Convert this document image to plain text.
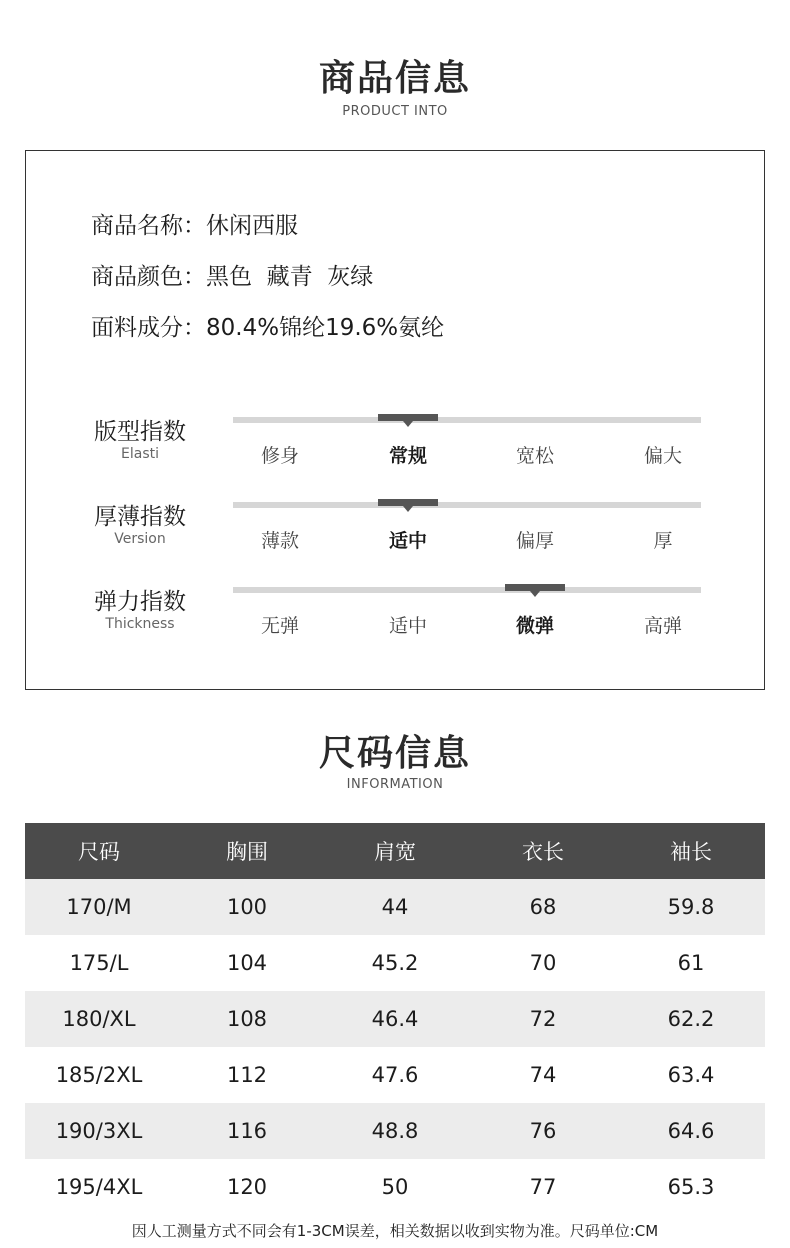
商品信息
PRODUCT INTO
商品名称：休闲西服
商品颜色：黑色  藏青  灰绿
面料成分：80.4%锦纶19.6%氨纶
版型指数
Elasti	修身	常规	宽松	偏大
厚薄指数
Version	薄款	适中	偏厚	厚
弹力指数
Thickness	无弹	适中	微弹	高弹
尺码信息
INFORMATION
尺码	胸围	肩宽	衣长	袖长
170/M	100	44	68	59.8
175/L	104	45.2	70	61
180/XL	108	46.4	72	62.2
185/2XL	112	47.6	74	63.4
190/3XL	116	48.8	76	64.6
195/4XL	120	50	77	65.3
因人工测量方式不同会有1-3CM误差，相关数据以收到实物为准。尺码单位:CM
